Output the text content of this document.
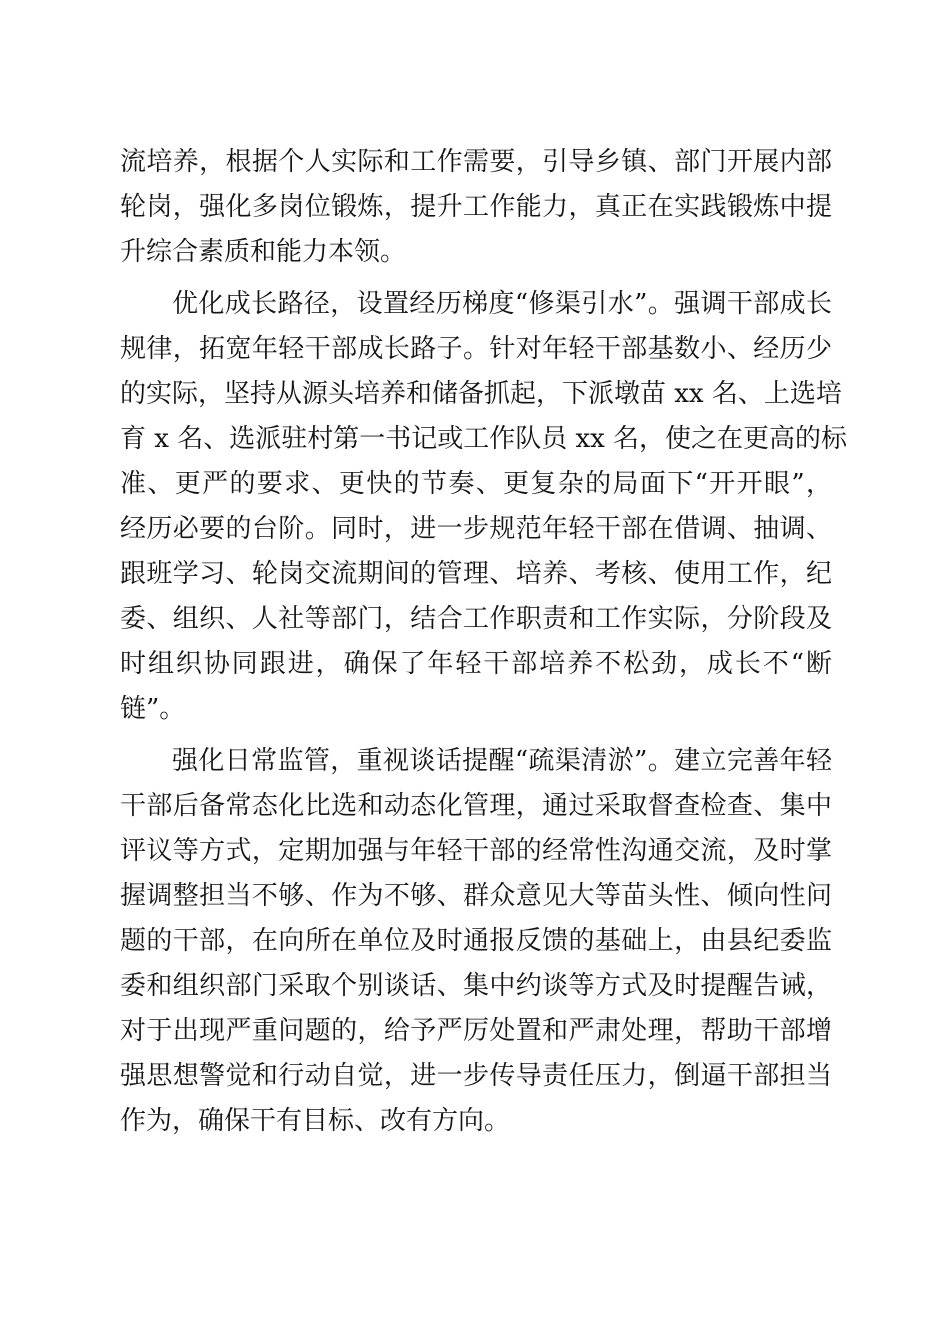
流培养，根据个人实际和工作需要，引导乡镇、部门开展内部
轮岗，强化多岗位锻炼，提升工作能力，真正在实践锻炼中提
升综合素质和能力本领。
优化成长路径，设置经历梯度“修渠引水”。强调干部成长
规律，拓宽年轻干部成长路子。针对年轻干部基数小、经历少
的实际，坚持从源头培养和储备抓起，下派墩苗 xx 名、上选培
育 x 名、选派驻村第一书记或工作队员 xx 名，使之在更高的标
准、更严的要求、更快的节奏、更复杂的局面下“开开眼”，
经历必要的台阶。同时，进一步规范年轻干部在借调、抽调、
跟班学习、轮岗交流期间的管理、培养、考核、使用工作，纪
委、组织、人社等部门，结合工作职责和工作实际，分阶段及
时组织协同跟进，确保了年轻干部培养不松劲，成长不“断
链”。
强化日常监管，重视谈话提醒“疏渠清淤”。建立完善年轻
干部后备常态化比选和动态化管理，通过采取督查检查、集中
评议等方式，定期加强与年轻干部的经常性沟通交流，及时掌
握调整担当不够、作为不够、群众意见大等苗头性、倾向性问
题的干部，在向所在单位及时通报反馈的基础上，由县纪委监
委和组织部门采取个别谈话、集中约谈等方式及时提醒告诫，
对于出现严重问题的，给予严厉处置和严肃处理，帮助干部增
强思想警觉和行动自觉，进一步传导责任压力，倒逼干部担当
作为，确保干有目标、改有方向。
